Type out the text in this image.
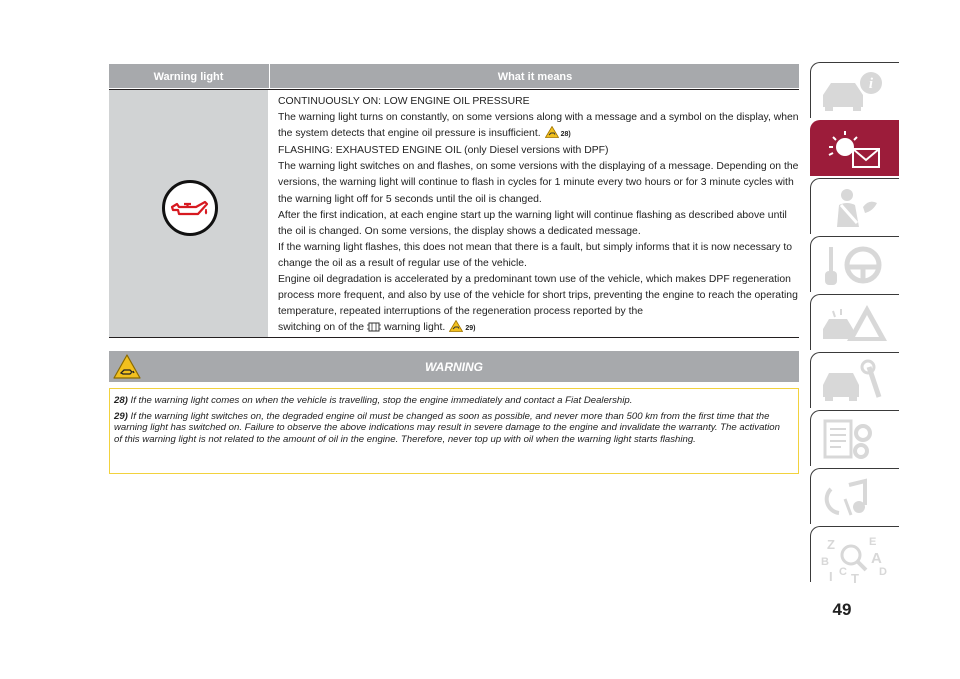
Warning light	What it means

CONTINUOUSLY ON: LOW ENGINE OIL PRESSURE

The warning light turns on constantly, on some versions along with a message and a symbol on the display, when the system detects that engine oil pressure is insufficient.	28)

FLASHING: EXHAUSTED ENGINE OIL (only Diesel versions with DPF)

The warning light switches on and flashes, on some versions with the displaying of a message. Depending on the versions, the warning light will continue to flash in cycles for 1 minute every two hours or for 3 minute cycles with the warning light off for 5 seconds until the oil is changed.

After the first indication, at each engine start up the warning light will continue flashing as described above until the oil is changed. On some versions, the display shows a dedicated message.

If the warning light flashes, this does not mean that there is a fault, but simply informs that it is now necessary to change the oil as a result of regular use of the vehicle.

Engine oil degradation is accelerated by a predominant town use of the vehicle, which makes DPF regeneration process more frequent, and also by use of the vehicle for short trips, preventing the engine to reach the operating temperature, repeated interruptions of the regeneration process reported by the

switching on of the warning light.	29)

WARNING

28) If the warning light comes on when the vehicle is travelling, stop the engine immediately and contact a Fiat Dealership.

29) If the warning light switches on, the degraded engine oil must be changed as soon as possible, and never more than 500 km from the first time that the warning light has switched on. Failure to observe the above indications may result in severe damage to the engine and invalidate the warranty. The activation of this warning light is not related to the amount of oil in the engine. Therefore, never top up with oil when the warning light starts flashing.

i
Z	E
B	A
C	D
T
I
49
